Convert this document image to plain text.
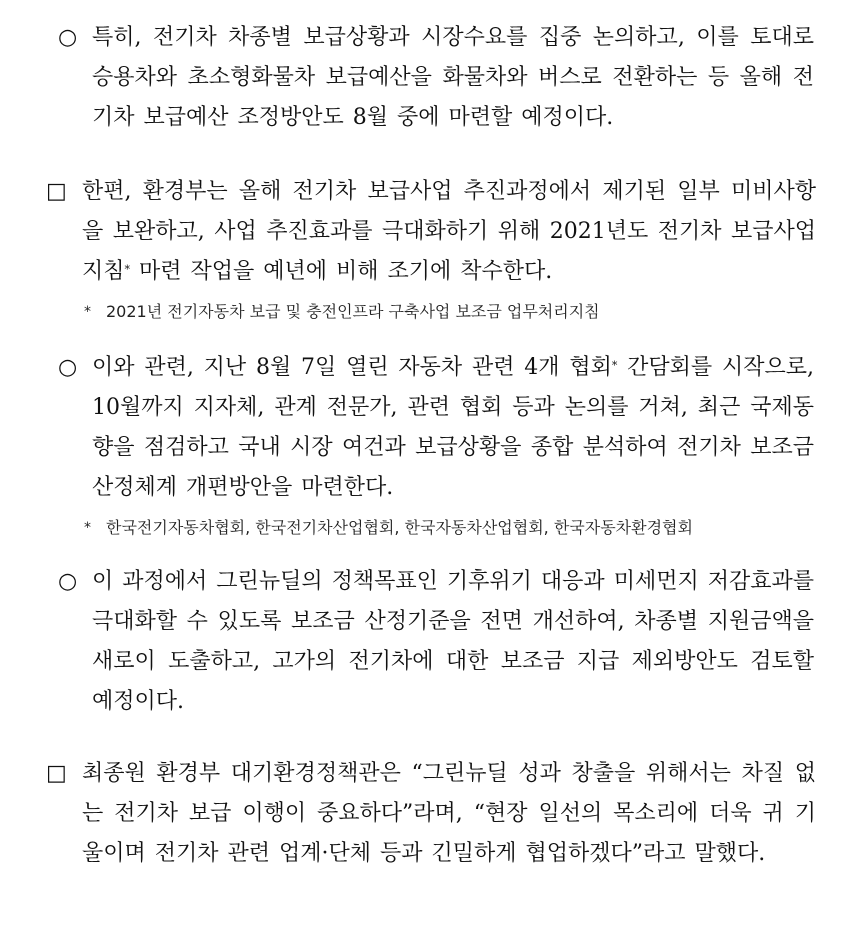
○ 특히, 전기차 차종별 보급상황과 시장수요를 집중 논의하고, 이를 토대로 승용차와 초소형화물차 보급예산을 화물차와 버스로 전환하는 등 올해 전기차 보급예산 조정방안도 8월 중에 마련할 예정이다.
□ 한편, 환경부는 올해 전기차 보급사업 추진과정에서 제기된 일부 미비사항을 보완하고, 사업 추진효과를 극대화하기 위해 2021년도 전기차 보급사업 지침* 마련 작업을 예년에 비해 조기에 착수한다.
* 2021년 전기자동차 보급 및 충전인프라 구축사업 보조금 업무처리지침
○ 이와 관련, 지난 8월 7일 열린 자동차 관련 4개 협회* 간담회를 시작으로, 10월까지 지자체, 관계 전문가, 관련 협회 등과 논의를 거쳐, 최근 국제동향을 점검하고 국내 시장 여건과 보급상황을 종합 분석하여 전기차 보조금 산정체계 개편방안을 마련한다.
* 한국전기자동차협회, 한국전기차산업협회, 한국자동차산업협회, 한국자동차환경협회
○ 이 과정에서 그린뉴딜의 정책목표인 기후위기 대응과 미세먼지 저감효과를 극대화할 수 있도록 보조금 산정기준을 전면 개선하여, 차종별 지원금액을 새로이 도출하고, 고가의 전기차에 대한 보조금 지급 제외방안도 검토할 예정이다.
□ 최종원 환경부 대기환경정책관은 “그린뉴딜 성과 창출을 위해서는 차질 없는 전기차 보급 이행이 중요하다”라며, “현장 일선의 목소리에 더욱 귀 기울이며 전기차 관련 업계·단체 등과 긴밀하게 협업하겠다”라고 말했다.
